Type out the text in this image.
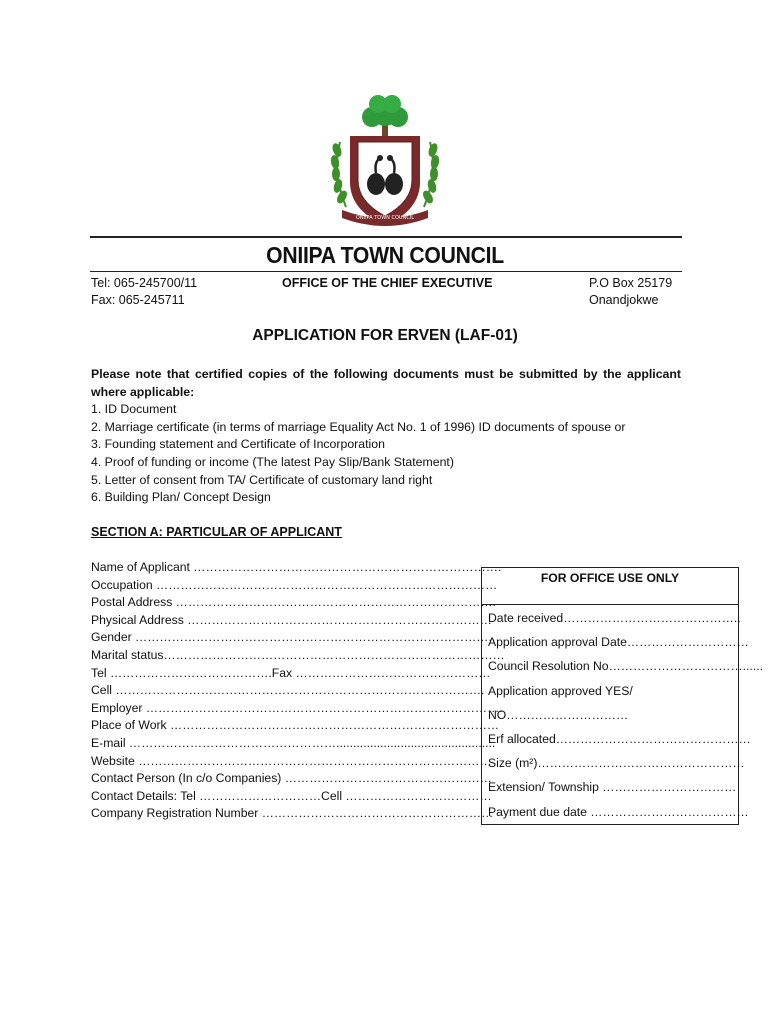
ONIIPA TOWN COUNCIL
ONIIPA TOWN COUNCIL
Tel: 065-245700/11
Fax: 065-245711
OFFICE OF THE CHIEF EXECUTIVE	P.O Box 25179
Onandjokwe
APPLICATION FOR ERVEN (LAF-01)
Please note that certified copies of the following documents must be submitted by the applicant where applicable:
1. ID Document
2. Marriage certificate (in terms of marriage Equality Act No. 1 of 1996) ID documents of spouse or
3. Founding statement and Certificate of Incorporation
4. Proof of funding or income (The latest Pay Slip/Bank Statement)
5. Letter of consent from TA/ Certificate of customary land right
6. Building Plan/ Concept Design
SECTION A: PARTICULAR OF APPLICANT
Name of Applicant ………………………………………………………………….
Occupation …………………………………………………………………………
Postal Address …………………………………………………………………….
Physical Address …………………………………………………………………
Gender ……………………………………………………………………………..
Marital status…………………………………………………………………………
Tel ………………………………….Fax …………………………………………
Cell ……………………………………………………………………………….
Employer …………………………………………………………………………….
Place of Work ………………………………………………………………………
E-mail ……………………………………………...............................................
Website ……………………………………………………………………………
Contact Person (In c/o Companies) ……………………………………………
Contact Details: Tel …………………………Cell ………………………………
Company Registration Number …………………………………………………
FOR OFFICE USE ONLY
Date received……………………………………..
Application approval Date…………………………
Council Resolution No……………………………......
Application approved YES/
NO…………………………
Erf allocated…………………………………………
Size (m²)……………………………………………
Extension/ Township ……………………………
Payment due date …………………………………
